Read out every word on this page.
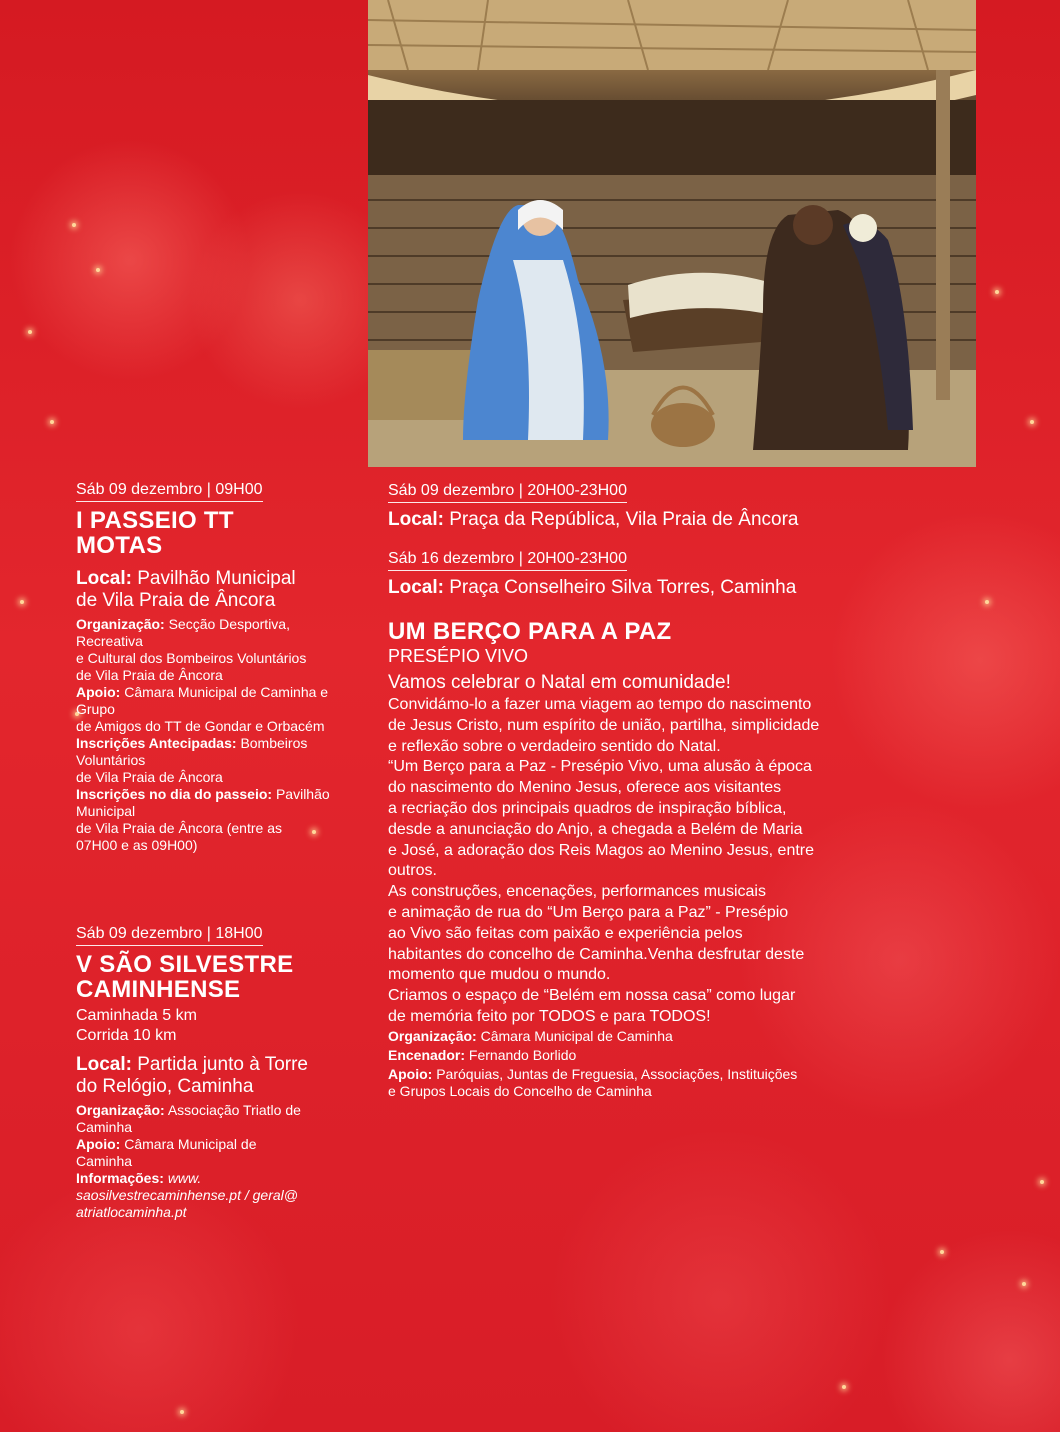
Sáb 09 dezembro | 09H00
I PASSEIO TT
MOTAS
Local: Pavilhão Municipal
de Vila Praia de Âncora
Organização: Secção Desportiva, Recreativa
e Cultural dos Bombeiros Voluntários
de Vila Praia de Âncora
Apoio: Câmara Municipal de Caminha e Grupo
de Amigos do TT de Gondar e Orbacém
Inscrições Antecipadas: Bombeiros Voluntários
de Vila Praia de Âncora
Inscrições no dia do passeio: Pavilhão Municipal
de Vila Praia de Âncora (entre as
07H00 e as 09H00)
Sáb 09 dezembro | 18H00
V SÃO SILVESTRE
CAMINHENSE
Caminhada 5 km
Corrida 10 km
Local: Partida junto à Torre
do Relógio, Caminha
Organização: Associação Triatlo de
Caminha
Apoio: Câmara Municipal de
Caminha
Informações: www.
saosilvestrecaminhense.pt / geral@
atriatlocaminha.pt
Sáb 09 dezembro | 20H00-23H00
Local: Praça da República, Vila Praia de Âncora
Sáb 16 dezembro | 20H00-23H00
Local: Praça Conselheiro Silva Torres, Caminha
UM BERÇO PARA A PAZ
PRESÉPIO VIVO
Vamos celebrar o Natal em comunidade!
Convidámo-lo a fazer uma viagem ao tempo do nascimento
de Jesus Cristo, num espírito de união, partilha, simplicidade
e reflexão sobre o verdadeiro sentido do Natal.
“Um Berço para a Paz - Presépio Vivo, uma alusão à época
do nascimento do Menino Jesus, oferece aos visitantes
a recriação dos principais quadros de inspiração bíblica,
desde a anunciação do Anjo, a chegada a Belém de Maria
e José, a adoração dos Reis Magos ao Menino Jesus, entre
outros.
As construções, encenações, performances musicais
e animação de rua do “Um Berço para a Paz” - Presépio
ao Vivo são feitas com paixão e experiência pelos
habitantes do concelho de Caminha.Venha desfrutar deste
momento que mudou o mundo.
Criamos o espaço de “Belém em nossa casa” como lugar
de memória feito por TODOS e para TODOS!
Organização: Câmara Municipal de Caminha
Encenador: Fernando Borlido
Apoio: Paróquias, Juntas de Freguesia, Associações, Instituições
e Grupos Locais do Concelho de Caminha
